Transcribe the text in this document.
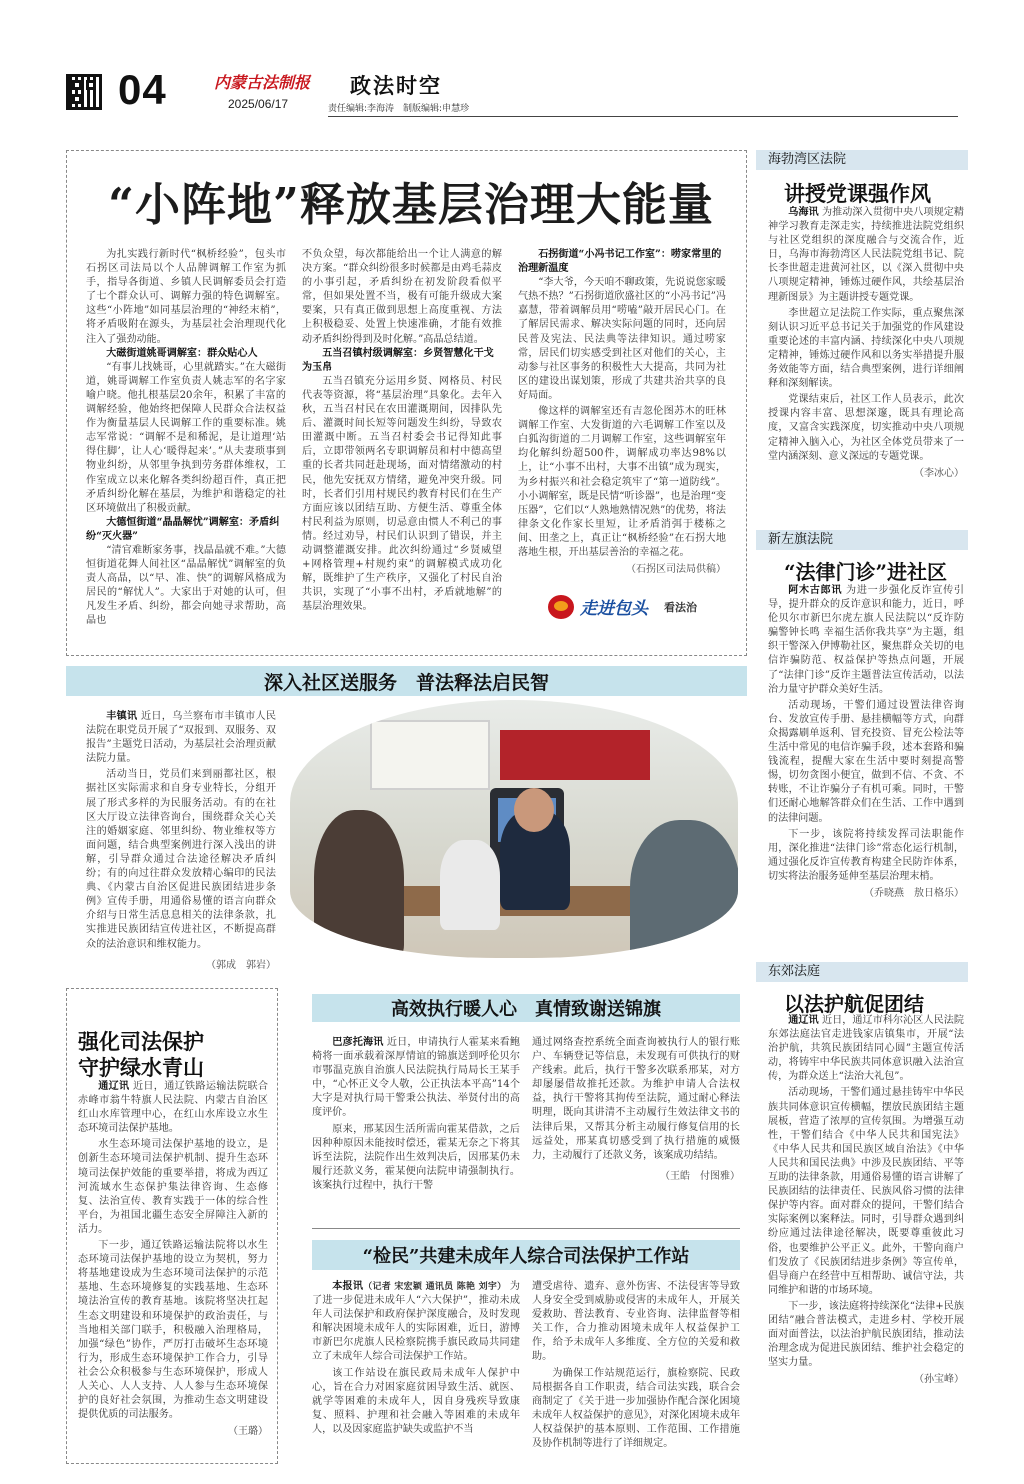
04	内蒙古法制报
2025/06/17
政法时空
责任编辑:李海涛　制版编辑:申慧珍
“小阵地”释放基层治理大能量

为扎实践行新时代“枫桥经验”，包头市石拐区司法局以个人品牌调解工作室为抓手，指导各街道、乡镇人民调解委员会打造了七个群众认可、调解力强的特色调解室。这些“小阵地”如同基层治理的“神经末梢”，将矛盾吸附在源头，为基层社会治理现代化注入了强劲动能。

大磁街道姚哥调解室：群众贴心人

“有事儿找姚哥，心里就踏实。”在大磁街道，姚哥调解工作室负责人姚志军的名字家喻户晓。他扎根基层20余年，积累了丰富的调解经验，他始终把保障人民群众合法权益作为衡量基层人民调解工作的重要标准。姚志军常说：“调解不是和稀泥，是让道理‘站得住脚’，让人心‘暖得起来’。”从夫妻琐事到物业纠纷，从邻里争执到劳务群体维权，工作室成立以来化解各类纠纷超百件，真正把矛盾纠纷化解在基层，为维护和谐稳定的社区环境做出了积极贡献。

大德恒街道“晶晶解忧”调解室：矛盾纠纷“灭火器”

“清官难断家务事，找晶晶就不难。”大德恒街道花舞人间社区“晶晶解忧”调解室的负责人高晶，以“早、准、快”的调解风格成为居民的“解忧人”。大家出于对她的认可，但凡发生矛盾、纠纷，都会向她寻求帮助，高晶也

不负众望，每次都能给出一个让人满意的解决方案。“群众纠纷很多时候都是由鸡毛蒜皮的小事引起，矛盾纠纷在初发阶段看似平常，但如果处置不当，极有可能升级成大案要案，只有真正做到思想上高度重视、方法上积极稳妥、处置上快速准确，才能有效推动矛盾纠纷得到及时化解。”高晶总结道。

五当召镇村级调解室：乡贤智慧化干戈为玉帛

五当召镇充分运用乡贤、网格员、村民代表等资源，将“基层治理”具象化。去年入秋，五当召村民在农田灌溉期间，因排队先后、灌溉时间长短等问题发生纠纷，导致农田灌溉中断。五当召村委会书记得知此事后，立即带领两名专职调解员和村中德高望重的长者共同赶赴现场，面对情绪激动的村民，他先安抚双方情绪，避免冲突升级。同时，长者们引用村规民约教育村民们在生产方面应该以团结互助、方便生活、尊重全体村民利益为原则，切忌意由惯人不利己的事情。经过劝导，村民们认识到了错误，并主动调整灌溉安排。此次纠纷通过“乡贤威望+网格管理+村规约束”的调解模式成功化解，既维护了生产秩序，又强化了村民自治共识，实现了“小事不出村，矛盾就地解”的基层治理效果。

石拐街道“小冯书记工作室”：唠家常里的治理新温度

“李大爷，今天咱不聊政策，先说说您家暖气热不热？”石拐街道欣盛社区的“小冯书记”冯嘉慧，带着调解员用“唠嗑”敲开居民心门。在了解居民需求、解决实际问题的同时，还向居民普及宪法、民法典等法律知识。通过唠家常，居民们切实感受到社区对他们的关心，主动参与社区事务的积极性大大提高，共同为社区的建设出谋划策，形成了共建共治共享的良好局面。

像这样的调解室还有吉忽伦图苏木的旺林调解工作室、大发街道的六毛调解工作室以及白狐沟街道的二月调解工作室，这些调解室年均化解纠纷超500件，调解成功率达98%以上，让“小事不出村，大事不出镇”成为现实，为乡村振兴和社会稳定筑牢了“第一道防线”。小小调解室，既是民情“听诊器”，也是治理“变压器”，它们以“人熟地熟情况熟”的优势，将法律条文化作家长里短，让矛盾消弭于楼栋之间、田垄之上，真正让“枫桥经验”在石拐大地落地生根，开出基层善治的幸福之花。

（石拐区司法局供稿）
走进包头 看法治
深入社区送服务　普法释法启民智

丰镇讯 近日，乌兰察布市丰镇市人民法院在职党员开展了“双报到、双服务、双报告”主题党日活动，为基层社会治理贡献法院力量。

活动当日，党员们来到丽都社区，根据社区实际需求和自身专业特长，分组开展了形式多样的为民服务活动。有的在社区大厅设立法律咨询台，围绕群众关心关注的婚姻家庭、邻里纠纷、物业维权等方面问题，结合典型案例进行深入浅出的讲解，引导群众通过合法途径解决矛盾纠纷；有的向过往群众发放精心编印的民法典、《内蒙古自治区促进民族团结进步条例》宣传手册，用通俗易懂的语言向群众介绍与日常生活息息相关的法律条款，扎实推进民族团结宣传进社区，不断提高群众的法治意识和维权能力。

（郭成　郭岩）
强化司法保护
守护绿水青山

通辽讯 近日，通辽铁路运输法院联合赤峰市翁牛特旗人民法院、内蒙古自治区红山水库管理中心，在红山水库设立水生态环境司法保护基地。

水生态环境司法保护基地的设立，是创新生态环境司法保护机制、提升生态环境司法保护效能的重要举措，将成为西辽河流域水生态保护集法律咨询、生态修复、法治宣传、教育实践于一体的综合性平台，为祖国北疆生态安全屏障注入新的活力。

下一步，通辽铁路运输法院将以水生态环境司法保护基地的设立为契机，努力将基地建设成为生态环境司法保护的示范基地、生态环境修复的实践基地、生态环境法治宣传的教育基地。该院将坚决扛起生态文明建设和环境保护的政治责任，与当地相关部门联手，积极融入治理格局，加强“绿色”协作，严厉打击破坏生态环境行为，形成生态环境保护工作合力，引导社会公众积极参与生态环境保护，形成人人关心、人人支持、人人参与生态环境保护的良好社会氛围，为推动生态文明建设提供优质的司法服务。

（王璐）
高效执行暖人心　真情致谢送锦旗

巴彦托海讯 近日，申请执行人霍某来看鲍椅将一面承载着深厚情谊的锦旗送到呼伦贝尔市鄂温克族自治旗人民法院执行局局长王某手中，“心怀正义令人敬，公正执法本平高”14个大字是对执行局干警秉公执法、举贤付出的高度评价。

原来，邢某因生活所需向霍某借款，之后因种种原因未能按时偿还，霍某无奈之下将其诉至法院，法院作出生效判决后，因邢某仍未履行还款义务，霍某便向法院申请强制执行。该案执行过程中，执行干警

通过网络查控系统全面查询被执行人的银行账户、车辆登记等信息，未发现有可供执行的财产线索。此后，执行干警多次联系邢某，对方却屡屡借故推托还款。为维护申请人合法权益，执行干警将其拘传至法院，通过耐心释法明理，既向其讲清不主动履行生效法律文书的法律后果，又帮其分析主动履行修复信用的长远益处，邢某真切感受到了执行措施的威慑力，主动履行了还款义务，该案成功结结。

（王皓　付图雅）
“检民”共建未成年人综合司法保护工作站

本报讯（记者 宋宏颖 通讯员 陈艳 刘宇） 为了进一步促进未成年人“六大保护”，推动未成年人司法保护和政府保护深度融合，及时发现和解决困境未成年人的实际困难，近日，游博市新巴尔虎旗人民检察院携手旗民政局共同建立了未成年人综合司法保护工作站。

该工作站设在旗民政局未成年人保护中心，旨在合力对困家庭贫困导致生活、就医、就学等困难的未成年人，因自身残疾导致康复、照料、护理和社会融入等困难的未成年人，以及因家庭监护缺失或监护不当

遭受虐待、遗弃、意外伤害、不法侵害等导致人身安全受到威胁或侵害的未成年人，开展关爱救助、普法教育、专业咨询、法律监督等相关工作，合力推动困境未成年人权益保护工作，给予未成年人多维度、全方位的关爱和救助。

为确保工作站规范运行，旗检察院、民政局根据各自工作职责，结合司法实践，联合会商制定了《关于进一步加强协作配合深化困境未成年人权益保护的意见》，对深化困境未成年人权益保护的基本原则、工作范围、工作措施及协作机制等进行了详细规定。

海勃湾区法院
讲授党课强作风

乌海讯 为推动深入贯彻中央八项规定精神学习教育走深走实，持续推进法院党组织与社区党组织的深度融合与交流合作，近日，乌海市海勃湾区人民法院党组书记、院长李世超走进黄河社区，以《深入贯彻中央八项规定精神，锤炼过硬作风，共绘基层治理新图景》为主题讲授专题党课。

李世超立足法院工作实际，重点聚焦深刻认识习近平总书记关于加强党的作风建设重要论述的丰富内涵、持续深化中央八项规定精神，锤炼过硬作风和以务实举措提升服务效能等方面，结合典型案例，进行详细阐释和深刻解读。

党课结束后，社区工作人员表示，此次授课内容丰富、思想深邃，既具有理论高度，又富含实践深度，切实推动中央八项规定精神入脑入心，为社区全体党员带来了一堂内涵深刻、意义深远的专题党课。

（李冰心）
新左旗法院
“法律门诊”进社区

阿木古郎讯 为进一步强化反诈宣传引导，提升群众的反诈意识和能力，近日，呼伦贝尔市新巴尔虎左旗人民法院以“反诈防骗警钟长鸣 幸福生活你我共享”为主题，组织干警深入伊博勒社区，聚焦群众关切的电信诈骗防范、权益保护等热点问题，开展了“法律门诊”反诈主题普法宣传活动，以法治力量守护群众美好生活。

活动现场，干警们通过设置法律咨询台、发放宣传手册、悬挂横幅等方式，向群众揭露刷单返利、冒充投资、冒充公检法等生活中常见的电信诈骗手段，述本套路和骗钱流程，提醒大家在生活中要时刻提高警惕，切勿贪图小便宜，做到不信、不贪、不转账，不让诈骗分子有机可乘。同时，干警们还耐心地解答群众们在生活、工作中遇到的法律问题。

下一步，该院将持续发挥司法职能作用，深化推进“法律门诊”常态化运行机制，通过强化反诈宣传教育构建全民防诈体系，切实将法治服务延伸至基层治理末梢。

（乔晓燕　敖日格乐）
东郊法庭
以法护航促团结

通辽讯 近日，通辽市科尔沁区人民法院东郊法庭法官走进钱家店镇集市，开展“法治护航，共筑民族团结同心圆”主题宣传活动，将铸牢中华民族共同体意识融入法治宣传，为群众送上“法治大礼包”。

活动现场，干警们通过悬挂铸牢中华民族共同体意识宣传横幅，摆放民族团结主题展板，营造了浓厚的宣传氛围。为增强互动性，干警们结合《中华人民共和国宪法》《中华人民共和国民族区域自治法》《中华人民共和国民法典》中涉及民族团结、平等互助的法律条款，用通俗易懂的语言讲解了民族团结的法律责任、民族风俗习惯的法律保护等内容。面对群众的提问，干警们结合实际案例以案释法。同时，引导群众遇到纠纷应通过法律途径解决，既要尊重彼此习俗，也要维护公平正义。此外，干警向商户们发放了《民族团结进步条例》等宣传单，倡导商户在经营中互相帮助、诚信守法，共同维护和谐的市场环境。

下一步，该法庭将持续深化“法律+民族团结”融合普法模式，走进乡村、学校开展面对面普法，以法治护航民族团结，推动法治理念成为促进民族团结、维护社会稳定的坚实力量。

（孙宝峰）
